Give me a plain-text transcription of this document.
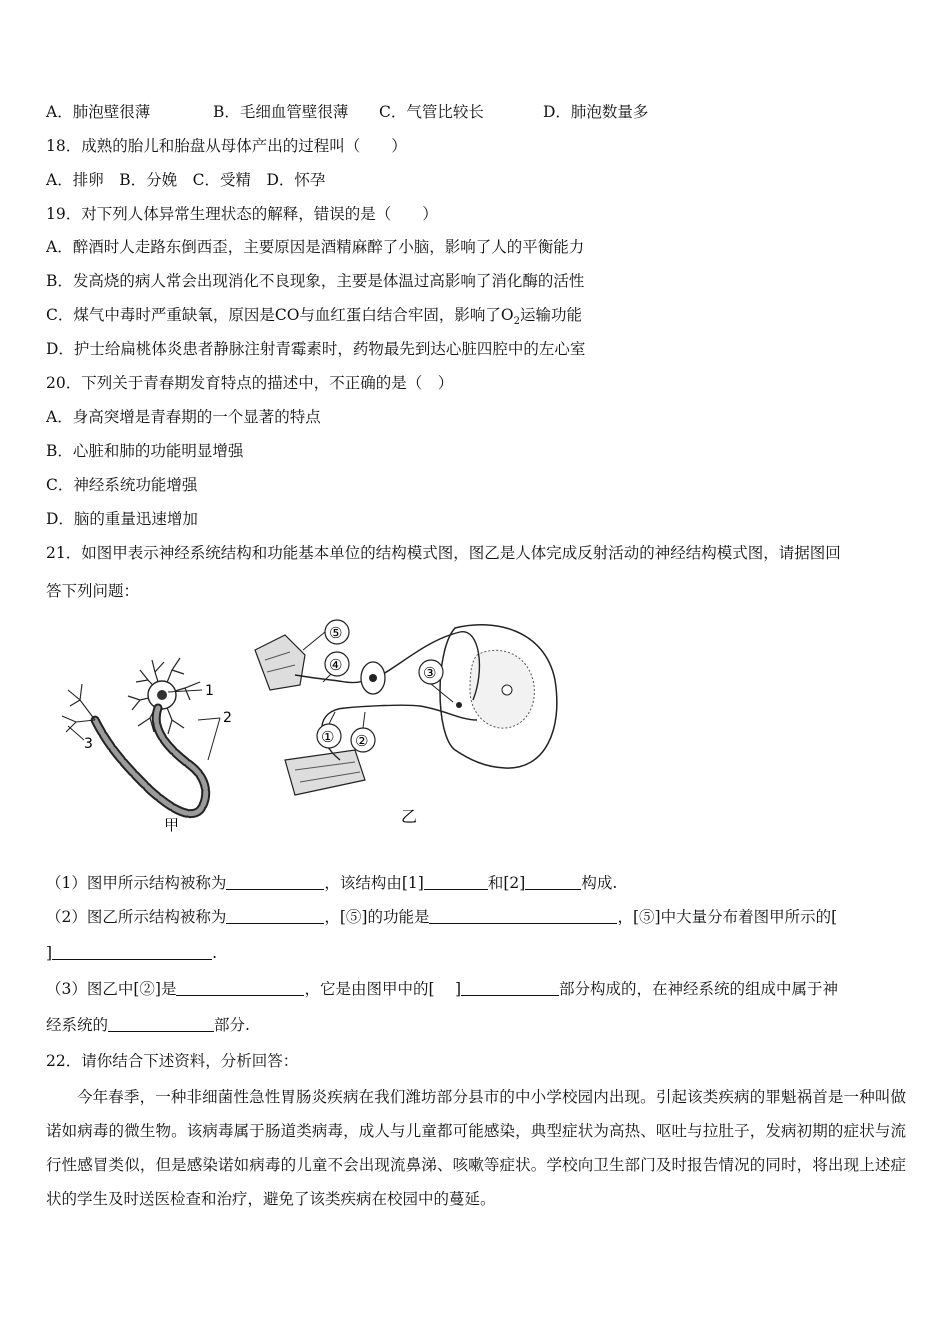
A．肺泡壁很薄	B．毛细血管壁很薄 C．气管比较长	D．肺泡数量多
18．成熟的胎儿和胎盘从母体产出的过程叫（　　）
A．排卵　B．分娩　C．受精　D．怀孕
19．对下列人体异常生理状态的解释，错误的是（　　）
A．醉酒时人走路东倒西歪，主要原因是酒精麻醉了小脑，影响了人的平衡能力
B．发高烧的病人常会出现消化不良现象，主要是体温过高影响了消化酶的活性
C．煤气中毒时严重缺氧，原因是CO与血红蛋白结合牢固，影响了$O_2$运输功能
D．护士给扁桃体炎患者静脉注射青霉素时，药物最先到达心脏四腔中的左心室
20．下列关于青春期发育特点的描述中，不正确的是（　）
A．身高突增是青春期的一个显著的特点
B．心脏和肺的功能明显增强
C．神经系统功能增强
D．脑的重量迅速增加
21．如图甲表示神经系统结构和功能基本单位的结构模式图，图乙是人体完成反射活动的神经结构模式图，请据图回
答下列问题：
1
2
3
甲
⑤
④	③
① ②
乙
（1）图甲所示结构被称为	，该结构由[1]	和[2]	构成.
（2）图乙所示结构被称为	，[⑤]的功能是	，[⑤]中大量分布着图甲所示的[
]	.
（3）图乙中[②]是	，它是由图甲中的[　 ]	部分构成的，在神经系统的组成中属于神
经系统的	部分.
22．请你结合下述资料，分析回答：
今年春季，一种非细菌性急性胃肠炎疾病在我们潍坊部分县市的中小学校园内出现。引起该类疾病的罪魁祸首是一种叫做诺如病毒的微生物。该病毒属于肠道类病毒，成人与儿童都可能感染，典型症状为高热、呕吐与拉肚子，发病初期的症状与流行性感冒类似，但是感染诺如病毒的儿童不会出现流鼻涕、咳嗽等症状。学校向卫生部门及时报告情况的同时，将出现上述症状的学生及时送医检查和治疗，避免了该类疾病在校园中的蔓延。
